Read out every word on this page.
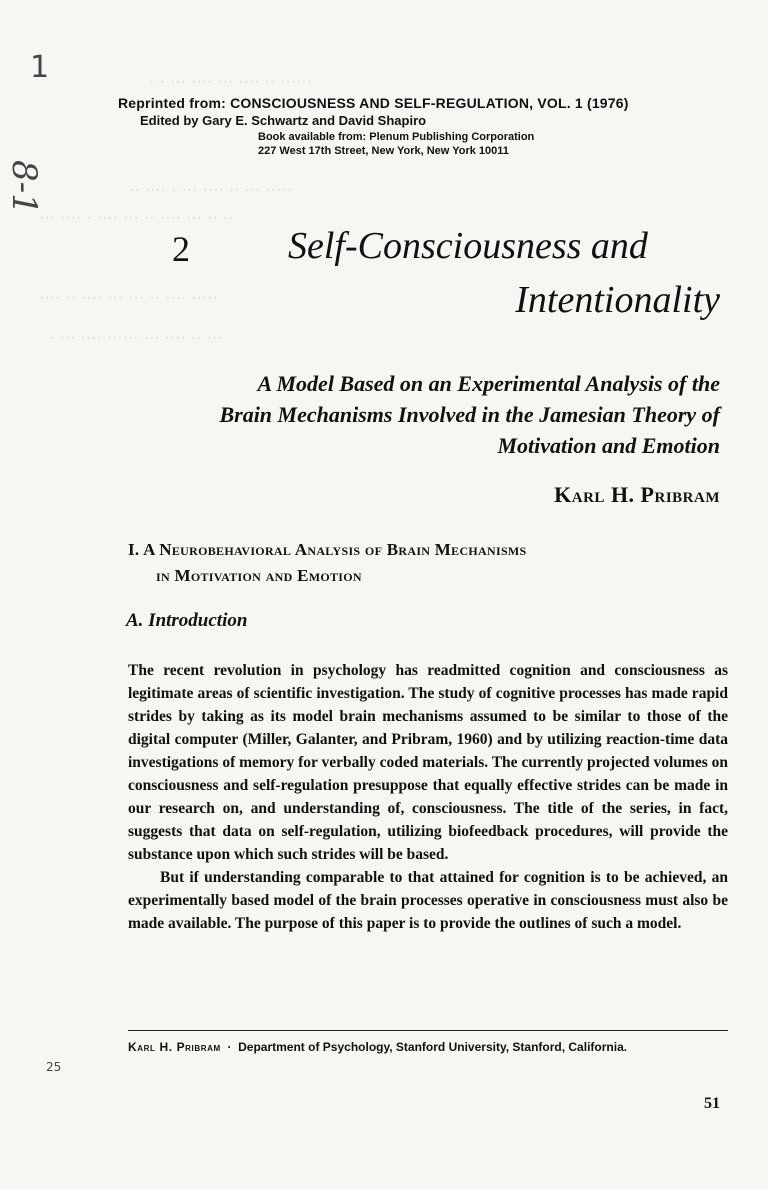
· · ··· ···· ··· ···· ·· ···· ·
·· ···· · ··· ···· ·· ··· ·····
··· ···· · ···· ··· ·· ···· ··· ·· ··
···· ·· ···· ··· ··· ·· ···· ·····
· ··· ···· ·· ··· ··· ···· ·· ···
1
8-1
25
Reprinted from: CONSCIOUSNESS AND SELF-REGULATION, VOL. 1 (1976)
Edited by Gary E. Schwartz and David Shapiro
Book available from: Plenum Publishing Corporation
227 West 17th Street, New York, New York 10011
2	Self-Consciousness and
Intentionality
A Model Based on an Experimental Analysis of the
Brain Mechanisms Involved in the Jamesian Theory of
Motivation and Emotion
Karl H. Pribram
I. A Neurobehavioral Analysis of Brain Mechanisms
in Motivation and Emotion
A. Introduction

The recent revolution in psychology has readmitted cognition and consciousness as legitimate areas of scientific investigation. The study of cognitive processes has made rapid strides by taking as its model brain mechanisms assumed to be similar to those of the digital computer (Miller, Galanter, and Pribram, 1960) and by utilizing reaction-time data investigations of memory for verbally coded materials. The currently projected volumes on consciousness and self-regulation presuppose that equally effective strides can be made in our research on, and understanding of, consciousness. The title of the series, in fact, suggests that data on self-regulation, utilizing biofeedback procedures, will provide the substance upon which such strides will be based.

But if understanding comparable to that attained for cognition is to be achieved, an experimentally based model of the brain processes operative in consciousness must also be made available. The purpose of this paper is to provide the outlines of such a model.

Karl H. Pribram · Department of Psychology, Stanford University, Stanford, California.
51
